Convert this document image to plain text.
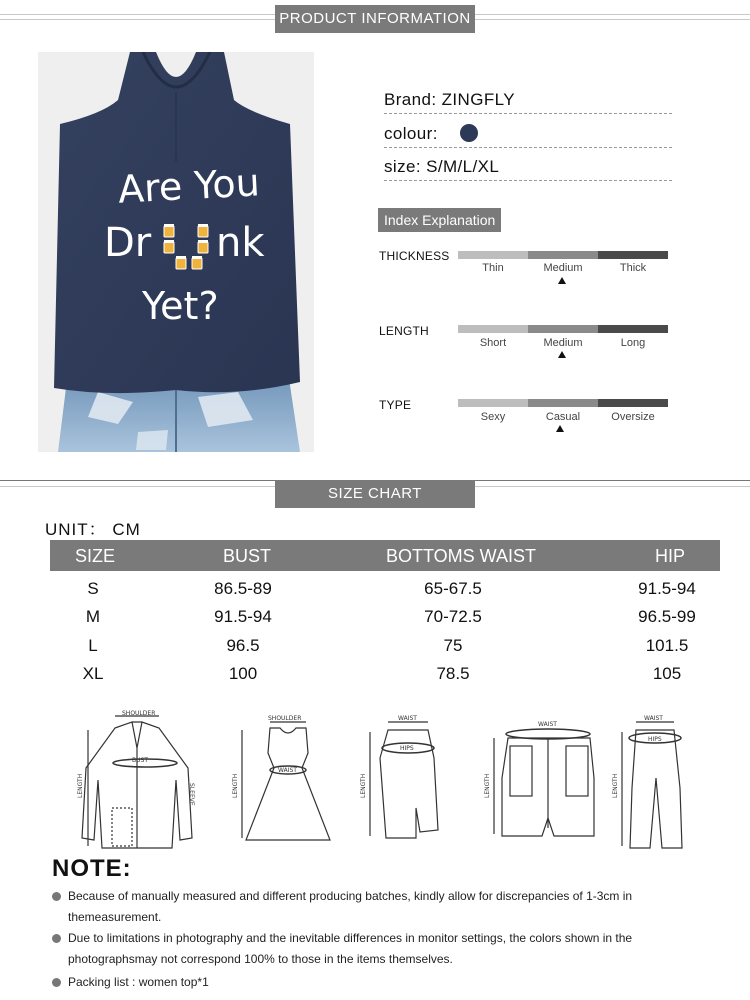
PRODUCT INFORMATION
Are You
Dr nk
Yet?
Brand: ZINGFLY
colour:
size: S/M/L/XL
Index Explanation
THICKNESS
Thin	Medium	Thick
LENGTH
Short	Medium	Long
TYPE
Sexy	Casual	Oversize
SIZE CHART
UNIT： CM
SIZE	BUST	BOTTOMS WAIST	HIP
S	86.5-89	65-67.5	91.5-94
M	91.5-94	70-72.5	96.5-99
L	96.5	75	101.5
XL	100	78.5	105
SHOULDER
BUST
SLEEVE
LENGTH
SHOULDER
WAIST
LENGTH
WAIST
HIPS
LENGTH
WAIST
LENGTH
WAIST
HIPS
LENGTH
NOTE:
Because of manually measured and different producing batches, kindly allow for discrepancies of 1-3cm in themeasurement.
Due to limitations in photography and the inevitable differences in monitor settings, the colors shown in the photographsmay not correspond 100% to those in the items themselves.
Packing list : women top*1
